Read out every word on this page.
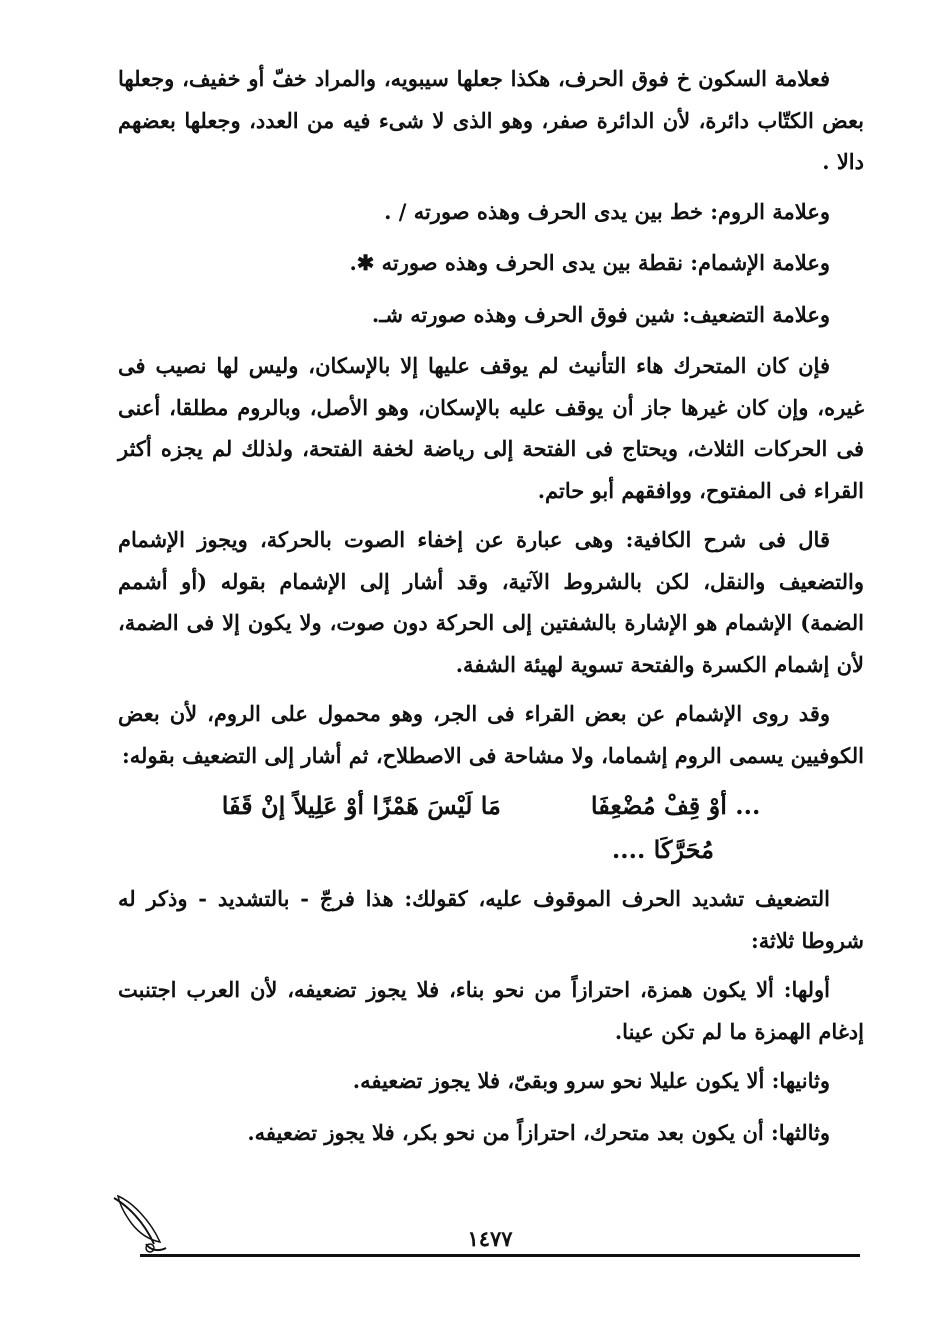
فعلامة السكون خ فوق الحرف، هكذا جعلها سيبويه، والمراد خفّ أو خفيف، وجعلها بعض الكتّاب دائرة، لأن الدائرة صفر، وهو الذى لا شىء فيه من العدد، وجعلها بعضهم دالا .

وعلامة الروم: خط بين يدى الحرف وهذه صورته / .

وعلامة الإشمام: نقطة بين يدى الحرف وهذه صورته ✱.

وعلامة التضعيف: شين فوق الحرف وهذه صورته شـ.

فإن كان المتحرك هاء التأنيث لم يوقف عليها إلا بالإسكان، وليس لها نصيب فى غيره، وإن كان غيرها جاز أن يوقف عليه بالإسكان، وهو الأصل، وبالروم مطلقا، أعنى فى الحركات الثلاث، ويحتاج فى الفتحة إلى رياضة لخفة الفتحة، ولذلك لم يجزه أكثر القراء فى المفتوح، ووافقهم أبو حاتم.

قال فى شرح الكافية: وهى عبارة عن إخفاء الصوت بالحركة، ويجوز الإشمام والتضعيف والنقل، لكن بالشروط الآتية، وقد أشار إلى الإشمام بقوله (أو أشمم الضمة) الإشمام هو الإشارة بالشفتين إلى الحركة دون صوت، ولا يكون إلا فى الضمة، لأن إشمام الكسرة والفتحة تسوية لهيئة الشفة.

وقد روى الإشمام عن بعض القراء فى الجر، وهو محمول على الروم، لأن بعض الكوفيين يسمى الروم إشماما، ولا مشاحة فى الاصطلاح، ثم أشار إلى التضعيف بقوله:

... أوْ قِفْ مُضْعِفَا
مَا لَيْسَ هَمْزًا أوْ عَلِيلاً إنْ قَفَا
مُحَرَّكَا ....

التضعيف تشديد الحرف الموقوف عليه، كقولك: هذا فرجّ - بالتشديد - وذكر له شروطا ثلاثة:

أولها: ألا يكون همزة، احترازاً من نحو بناء، فلا يجوز تضعيفه، لأن العرب اجتنبت إدغام الهمزة ما لم تكن عينا.

وثانيها: ألا يكون عليلا نحو سرو وبقىّ، فلا يجوز تضعيفه.

وثالثها: أن يكون بعد متحرك، احترازاً من نحو بكر، فلا يجوز تضعيفه.

١٤٧٧
